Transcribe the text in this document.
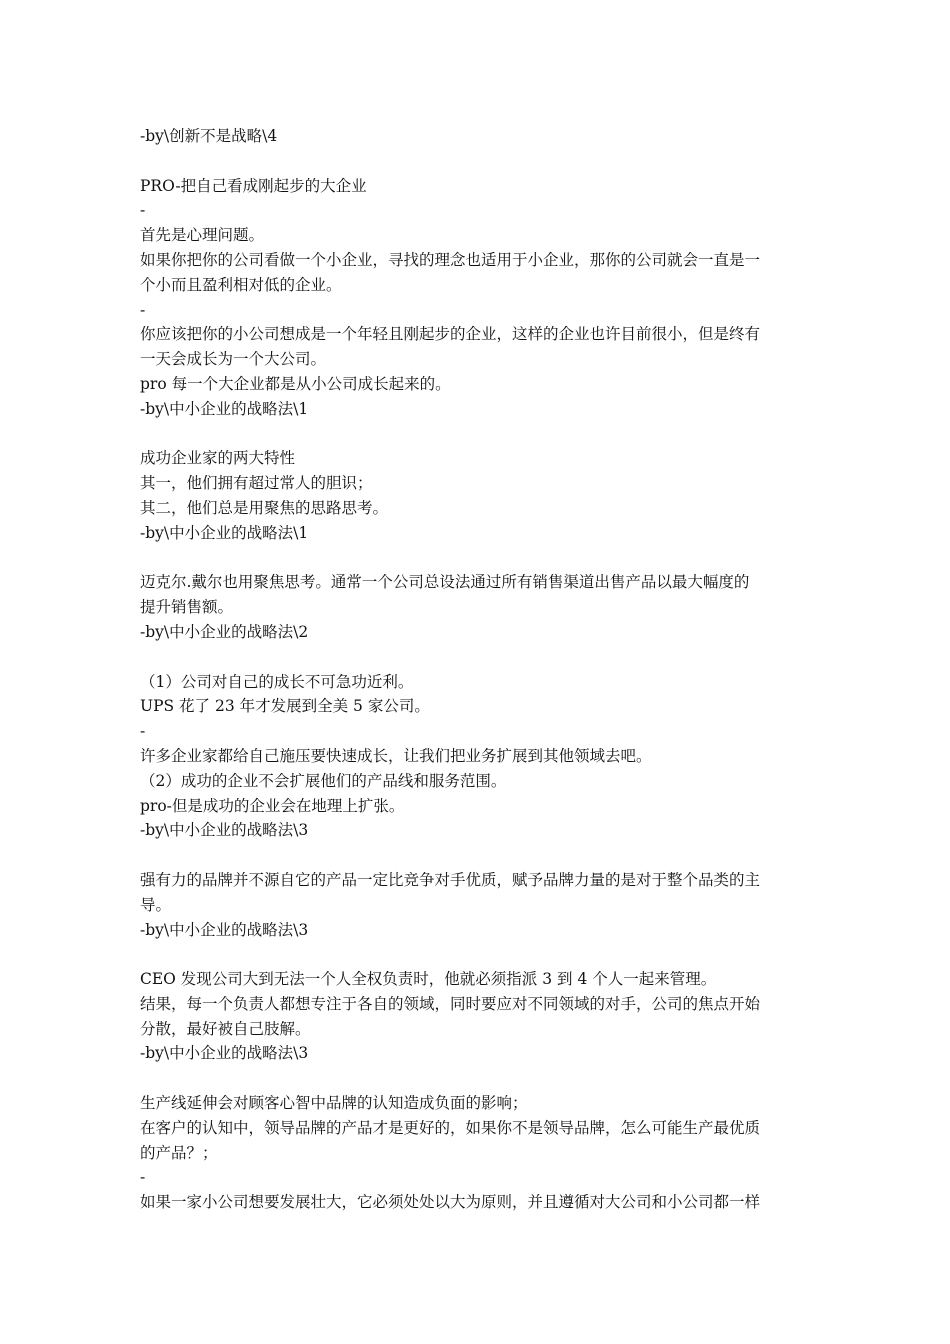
-by\创新不是战略\4
PRO-把自己看成刚起步的大企业
-
首先是心理问题。
如果你把你的公司看做一个小企业，寻找的理念也适用于小企业，那你的公司就会一直是一
个小而且盈利相对低的企业。
-
你应该把你的小公司想成是一个年轻且刚起步的企业，这样的企业也许目前很小，但是终有
一天会成长为一个大公司。
pro 每一个大企业都是从小公司成长起来的。
-by\中小企业的战略法\1
成功企业家的两大特性
其一，他们拥有超过常人的胆识；
其二，他们总是用聚焦的思路思考。
-by\中小企业的战略法\1
迈克尔.戴尔也用聚焦思考。通常一个公司总设法通过所有销售渠道出售产品以最大幅度的
提升销售额。
-by\中小企业的战略法\2
（1）公司对自己的成长不可急功近利。
UPS 花了 23 年才发展到全美 5 家公司。
-
许多企业家都给自己施压要快速成长，让我们把业务扩展到其他领域去吧。
（2）成功的企业不会扩展他们的产品线和服务范围。
pro-但是成功的企业会在地理上扩张。
-by\中小企业的战略法\3
强有力的品牌并不源自它的产品一定比竞争对手优质，赋予品牌力量的是对于整个品类的主
导。
-by\中小企业的战略法\3
CEO 发现公司大到无法一个人全权负责时，他就必须指派 3 到 4 个人一起来管理。
结果，每一个负责人都想专注于各自的领域，同时要应对不同领域的对手，公司的焦点开始
分散，最好被自己肢解。
-by\中小企业的战略法\3
生产线延伸会对顾客心智中品牌的认知造成负面的影响；
在客户的认知中，领导品牌的产品才是更好的，如果你不是领导品牌，怎么可能生产最优质
的产品？；
-
如果一家小公司想要发展壮大，它必须处处以大为原则，并且遵循对大公司和小公司都一样
